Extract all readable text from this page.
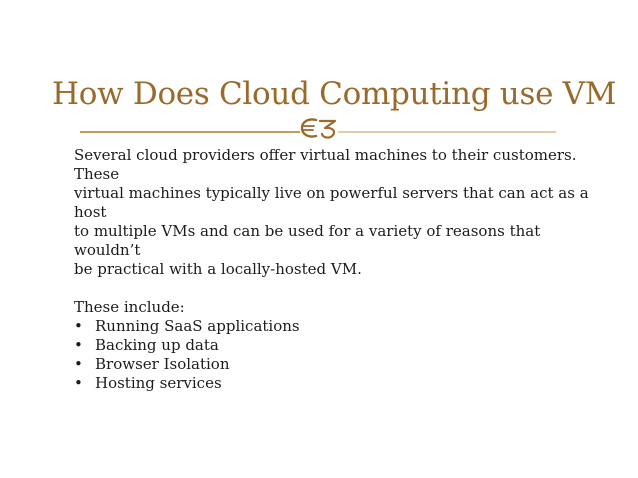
How Does Cloud Computing use VM

Several cloud providers offer virtual machines to their customers. These
virtual machines typically live on powerful servers that can act as a host
to multiple VMs and can be used for a variety of reasons that wouldn’t
be practical with a locally-hosted VM.

These include:

• Running SaaS applications
• Backing up data
• Browser Isolation
• Hosting services
